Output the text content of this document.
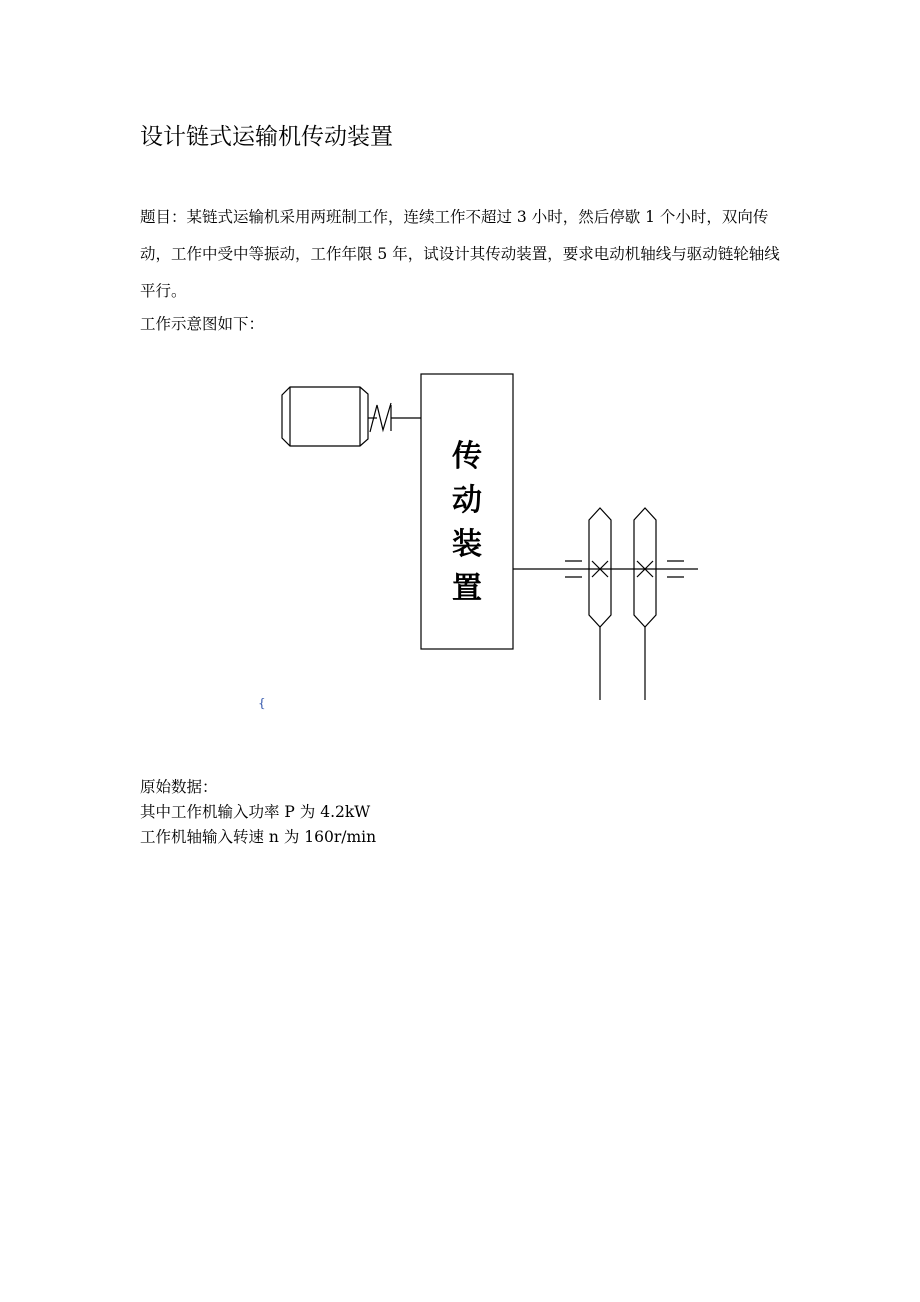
设计链式运输机传动装置
题目：某链式运输机采用两班制工作，连续工作不超过 3 小时，然后停歇 1 个小时，双向传动，工作中受中等振动，工作年限 5 年，试设计其传动装置，要求电动机轴线与驱动链轮轴线平行。
工作示意图如下：
传
动
装
置
{
原始数据：
其中工作机输入功率 P 为 4.2kW
工作机轴输入转速 n 为 160r/min
